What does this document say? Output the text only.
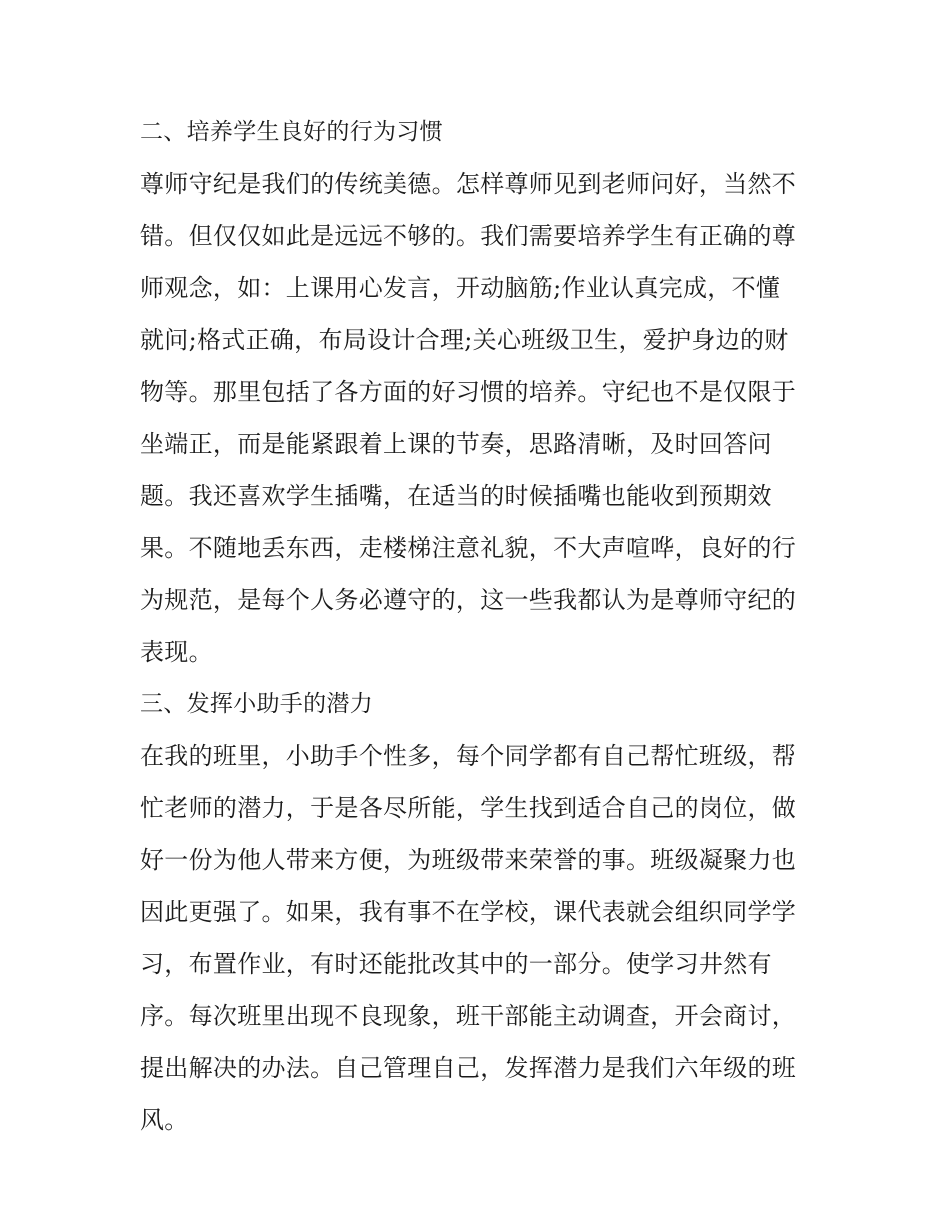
二、培养学生良好的行为习惯
尊师守纪是我们的传统美德。怎样尊师见到老师问好，当然不
错。但仅仅如此是远远不够的。我们需要培养学生有正确的尊
师观念，如：上课用心发言，开动脑筋;作业认真完成，不懂
就问;格式正确，布局设计合理;关心班级卫生，爱护身边的财
物等。那里包括了各方面的好习惯的培养。守纪也不是仅限于
坐端正，而是能紧跟着上课的节奏，思路清晰，及时回答问
题。我还喜欢学生插嘴，在适当的时候插嘴也能收到预期效
果。不随地丢东西，走楼梯注意礼貌，不大声喧哗，良好的行
为规范，是每个人务必遵守的，这一些我都认为是尊师守纪的
表现。
三、发挥小助手的潜力
在我的班里，小助手个性多，每个同学都有自己帮忙班级，帮
忙老师的潜力，于是各尽所能，学生找到适合自己的岗位，做
好一份为他人带来方便，为班级带来荣誉的事。班级凝聚力也
因此更强了。如果，我有事不在学校，课代表就会组织同学学
习，布置作业，有时还能批改其中的一部分。使学习井然有
序。每次班里出现不良现象，班干部能主动调查，开会商讨，
提出解决的办法。自己管理自己，发挥潜力是我们六年级的班
风。
